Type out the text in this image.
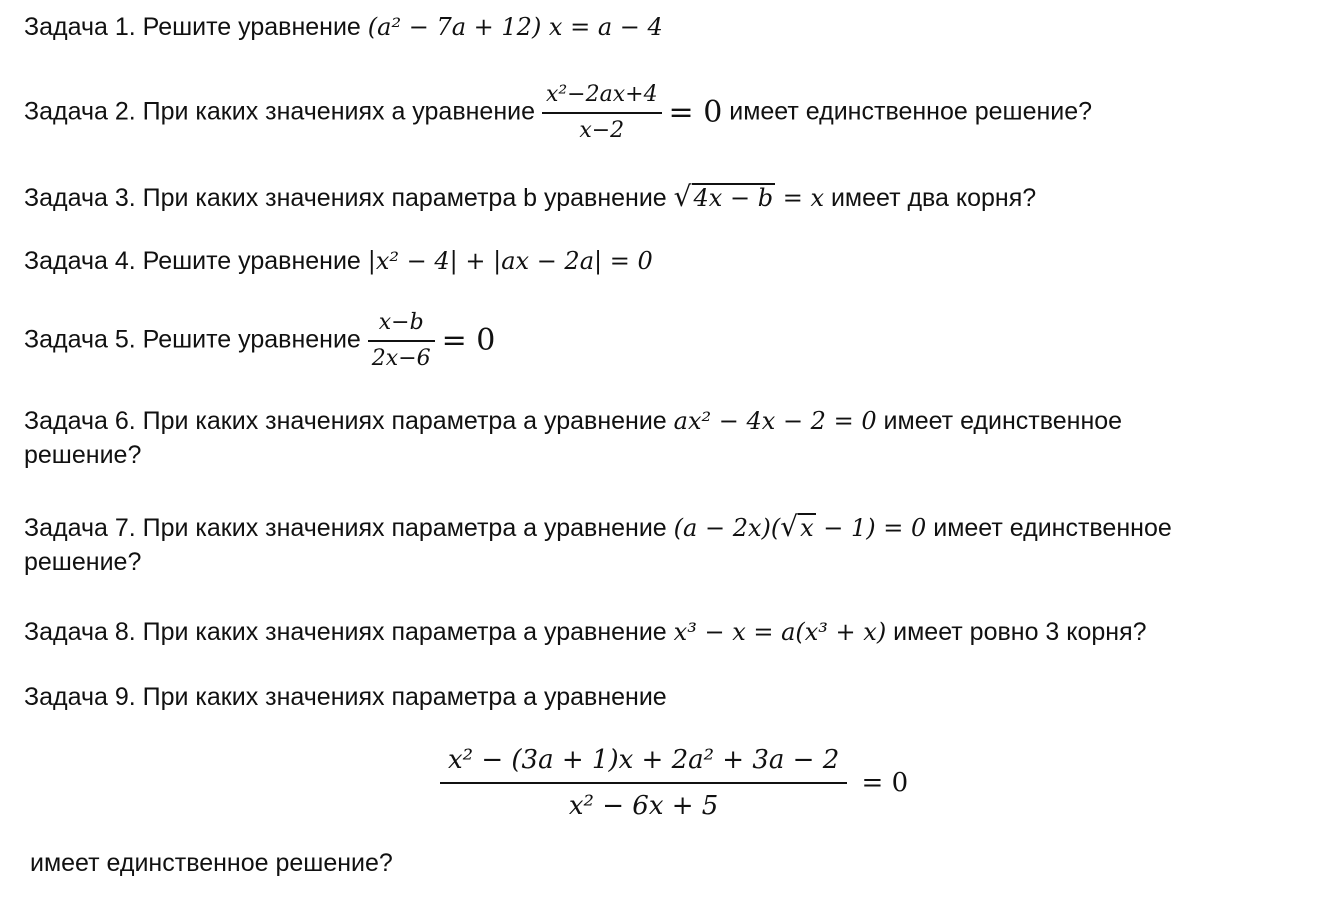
Задача 1. Решите уравнение (a² − 7a + 12) x = a − 4
Задача 2. При каких значениях а уравнение $\frac{\text{x²−2ax+4}}{x-2} = 0$ имеет единственное решение?
Задача 3. При каких значениях параметра b уравнение √4x − b = x имеет два корня?
Задача 4. Решите уравнение |x² − 4| + |ax − 2a| = 0
Задача 5. Решите уравнение $\frac{x-b}{2x-6} = 0$
Задача 6. При каких значениях параметра а уравнение ax² − 4x − 2 = 0 имеет единственное
решение?
Задача 7. При каких значениях параметра а уравнение (a − 2x)(√x − 1) = 0 имеет единственное
решение?
Задача 8. При каких значениях параметра а уравнение x³ − x = a(x³ + x) имеет ровно 3 корня?
Задача 9. При каких значениях параметра а уравнение
$\frac{\text{x² − (3a + 1)x + 2a² + 3a − 2}}{\text{x² − 6x + 5}} = 0$
имеет единственное решение?
